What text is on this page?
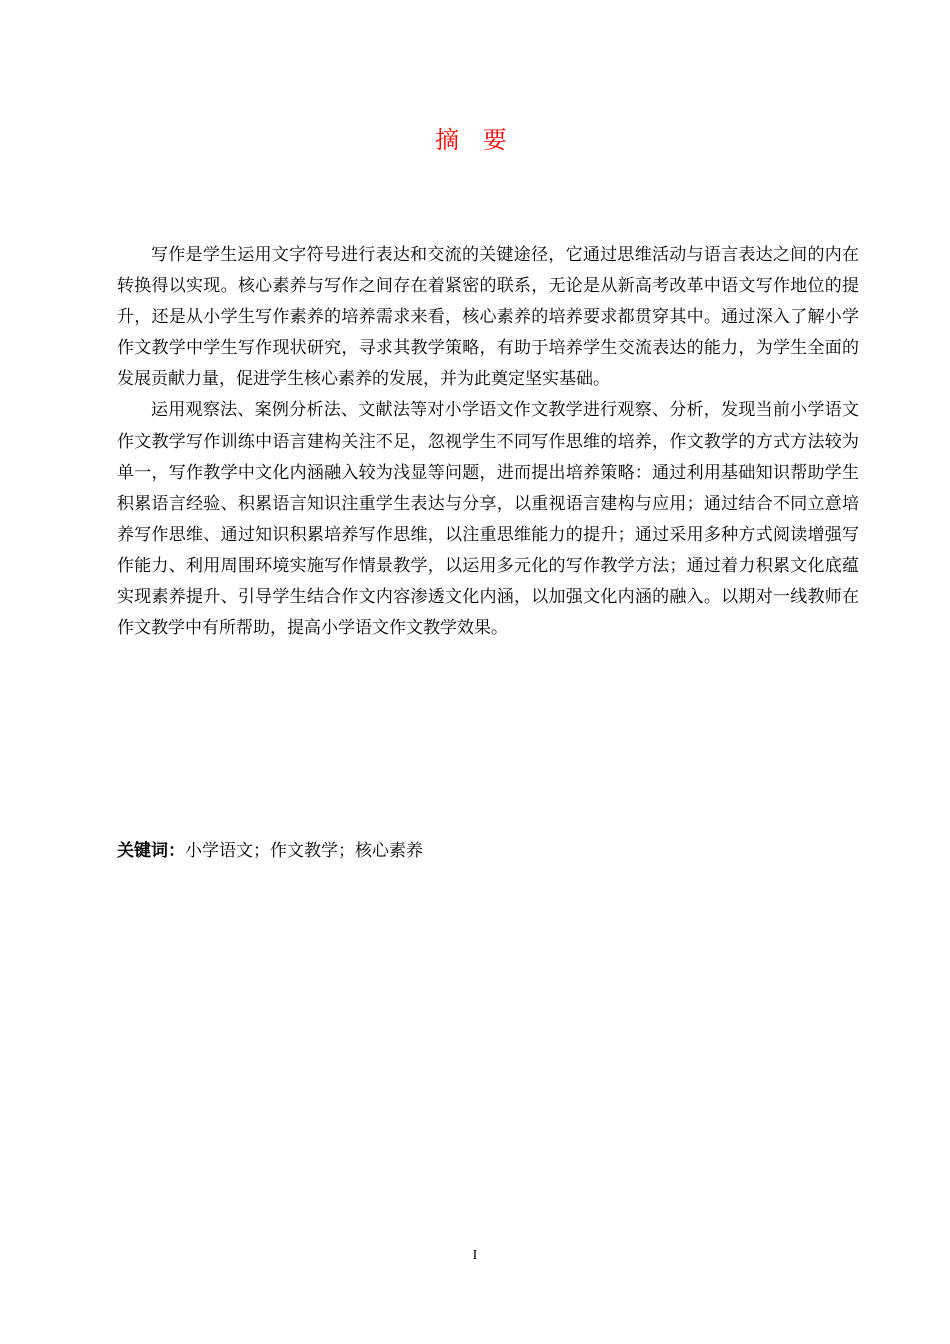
摘 要

写作是学生运用文字符号进行表达和交流的关键途径，它通过思维活动与语言表达之间的内在转换得以实现。核心素养与写作之间存在着紧密的联系，无论是从新高考改革中语文写作地位的提升，还是从小学生写作素养的培养需求来看，核心素养的培养要求都贯穿其中。通过深入了解小学作文教学中学生写作现状研究，寻求其教学策略，有助于培养学生交流表达的能力，为学生全面的发展贡献力量，促进学生核心素养的发展，并为此奠定坚实基础。

运用观察法、案例分析法、文献法等对小学语文作文教学进行观察、分析，发现当前小学语文作文教学写作训练中语言建构关注不足，忽视学生不同写作思维的培养，作文教学的方式方法较为单一，写作教学中文化内涵融入较为浅显等问题，进而提出培养策略：通过利用基础知识帮助学生积累语言经验、积累语言知识注重学生表达与分享，以重视语言建构与应用；通过结合不同立意培养写作思维、通过知识积累培养写作思维，以注重思维能力的提升；通过采用多种方式阅读增强写作能力、利用周围环境实施写作情景教学，以运用多元化的写作教学方法；通过着力积累文化底蕴实现素养提升、引导学生结合作文内容渗透文化内涵，以加强文化内涵的融入。以期对一线教师在作文教学中有所帮助，提高小学语文作文教学效果。

关键词：小学语文；作文教学；核心素养
I
